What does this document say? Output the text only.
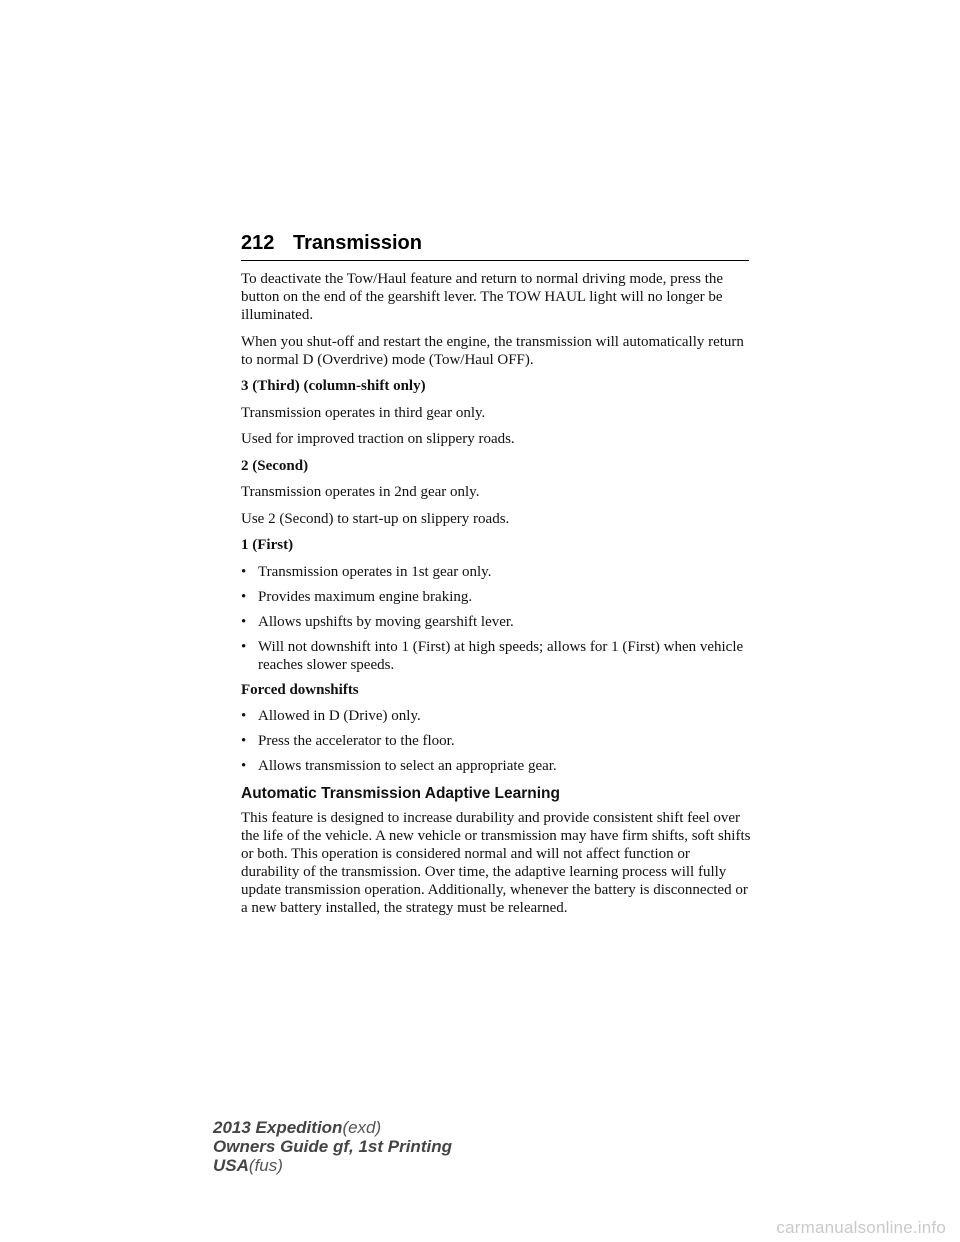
212 Transmission

To deactivate the Tow/Haul feature and return to normal driving mode, press the button on the end of the gearshift lever. The TOW HAUL light will no longer be illuminated.

When you shut-off and restart the engine, the transmission will automatically return to normal D (Overdrive) mode (Tow/Haul OFF).

3 (Third) (column-shift only)

Transmission operates in third gear only.

Used for improved traction on slippery roads.

2 (Second)

Transmission operates in 2nd gear only.

Use 2 (Second) to start-up on slippery roads.

1 (First)

• Transmission operates in 1st gear only.
• Provides maximum engine braking.
• Allows upshifts by moving gearshift lever.
• Will not downshift into 1 (First) at high speeds; allows for 1 (First) when vehicle reaches slower speeds.

Forced downshifts

• Allowed in D (Drive) only.
• Press the accelerator to the floor.
• Allows transmission to select an appropriate gear.
Automatic Transmission Adaptive Learning

This feature is designed to increase durability and provide consistent shift feel over the life of the vehicle. A new vehicle or transmission may have firm shifts, soft shifts or both. This operation is considered normal and will not affect function or durability of the transmission. Over time, the adaptive learning process will fully update transmission operation. Additionally, whenever the battery is disconnected or a new battery installed, the strategy must be relearned.

2013 Expedition(exd)
Owners Guide gf, 1st Printing
USA(fus)
carmanualsonline.info
